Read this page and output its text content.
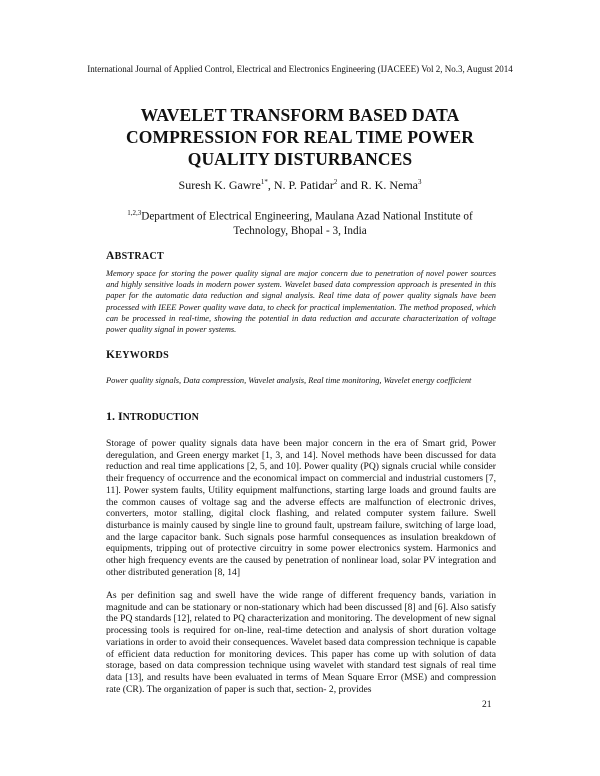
International Journal of Applied Control, Electrical and Electronics Engineering (IJACEEE) Vol 2, No.3, August 2014
WAVELET TRANSFORM BASED DATA
COMPRESSION FOR REAL TIME POWER
QUALITY DISTURBANCES
Suresh K. Gawre$^{1*}$, N. P. Patidar$^2$ and R. K. Nema$^3$
$^{1,2,3}$Department of Electrical Engineering, Maulana Azad National Institute of
Technology, Bhopal - 3, India
ABSTRACT
Memory space for storing the power quality signal are major concern due to penetration of novel power sources and highly sensitive loads in modern power system. Wavelet based data compression approach is presented in this paper for the automatic data reduction and signal analysis. Real time data of power quality signals have been processed with IEEE Power quality wave data, to check for practical implementation. The method proposed, which can be processed in real-time, showing the potential in data reduction and accurate characterization of voltage power quality signal in power systems.
KEYWORDS
Power quality signals, Data compression, Wavelet analysis, Real time monitoring, Wavelet energy coefficient
1. INTRODUCTION
Storage of power quality signals data have been major concern in the era of Smart grid, Power deregulation, and Green energy market [1, 3, and 14]. Novel methods have been discussed for data reduction and real time applications [2, 5, and 10]. Power quality (PQ) signals crucial while consider their frequency of occurrence and the economical impact on commercial and industrial customers [7, 11]. Power system faults, Utility equipment malfunctions, starting large loads and ground faults are the common causes of voltage sag and the adverse effects are malfunction of electronic drives, converters, motor stalling, digital clock flashing, and related computer system failure. Swell disturbance is mainly caused by single line to ground fault, upstream failure, switching of large load, and the large capacitor bank. Such signals pose harmful consequences as insulation breakdown of equipments, tripping out of protective circuitry in some power electronics system. Harmonics and other high frequency events are the caused by penetration of nonlinear load, solar PV integration and other distributed generation [8, 14]
As per definition sag and swell have the wide range of different frequency bands, variation in magnitude and can be stationary or non-stationary which had been discussed [8] and [6]. Also satisfy the PQ standards [12], related to PQ characterization and monitoring. The development of new signal processing tools is required for on-line, real-time detection and analysis of short duration voltage variations in order to avoid their consequences. Wavelet based data compression technique is capable of efficient data reduction for monitoring devices. This paper has come up with solution of data storage, based on data compression technique using wavelet with standard test signals of real time data [13], and results have been evaluated in terms of Mean Square Error (MSE) and compression rate (CR). The organization of paper is such that, section- 2, provides
21
